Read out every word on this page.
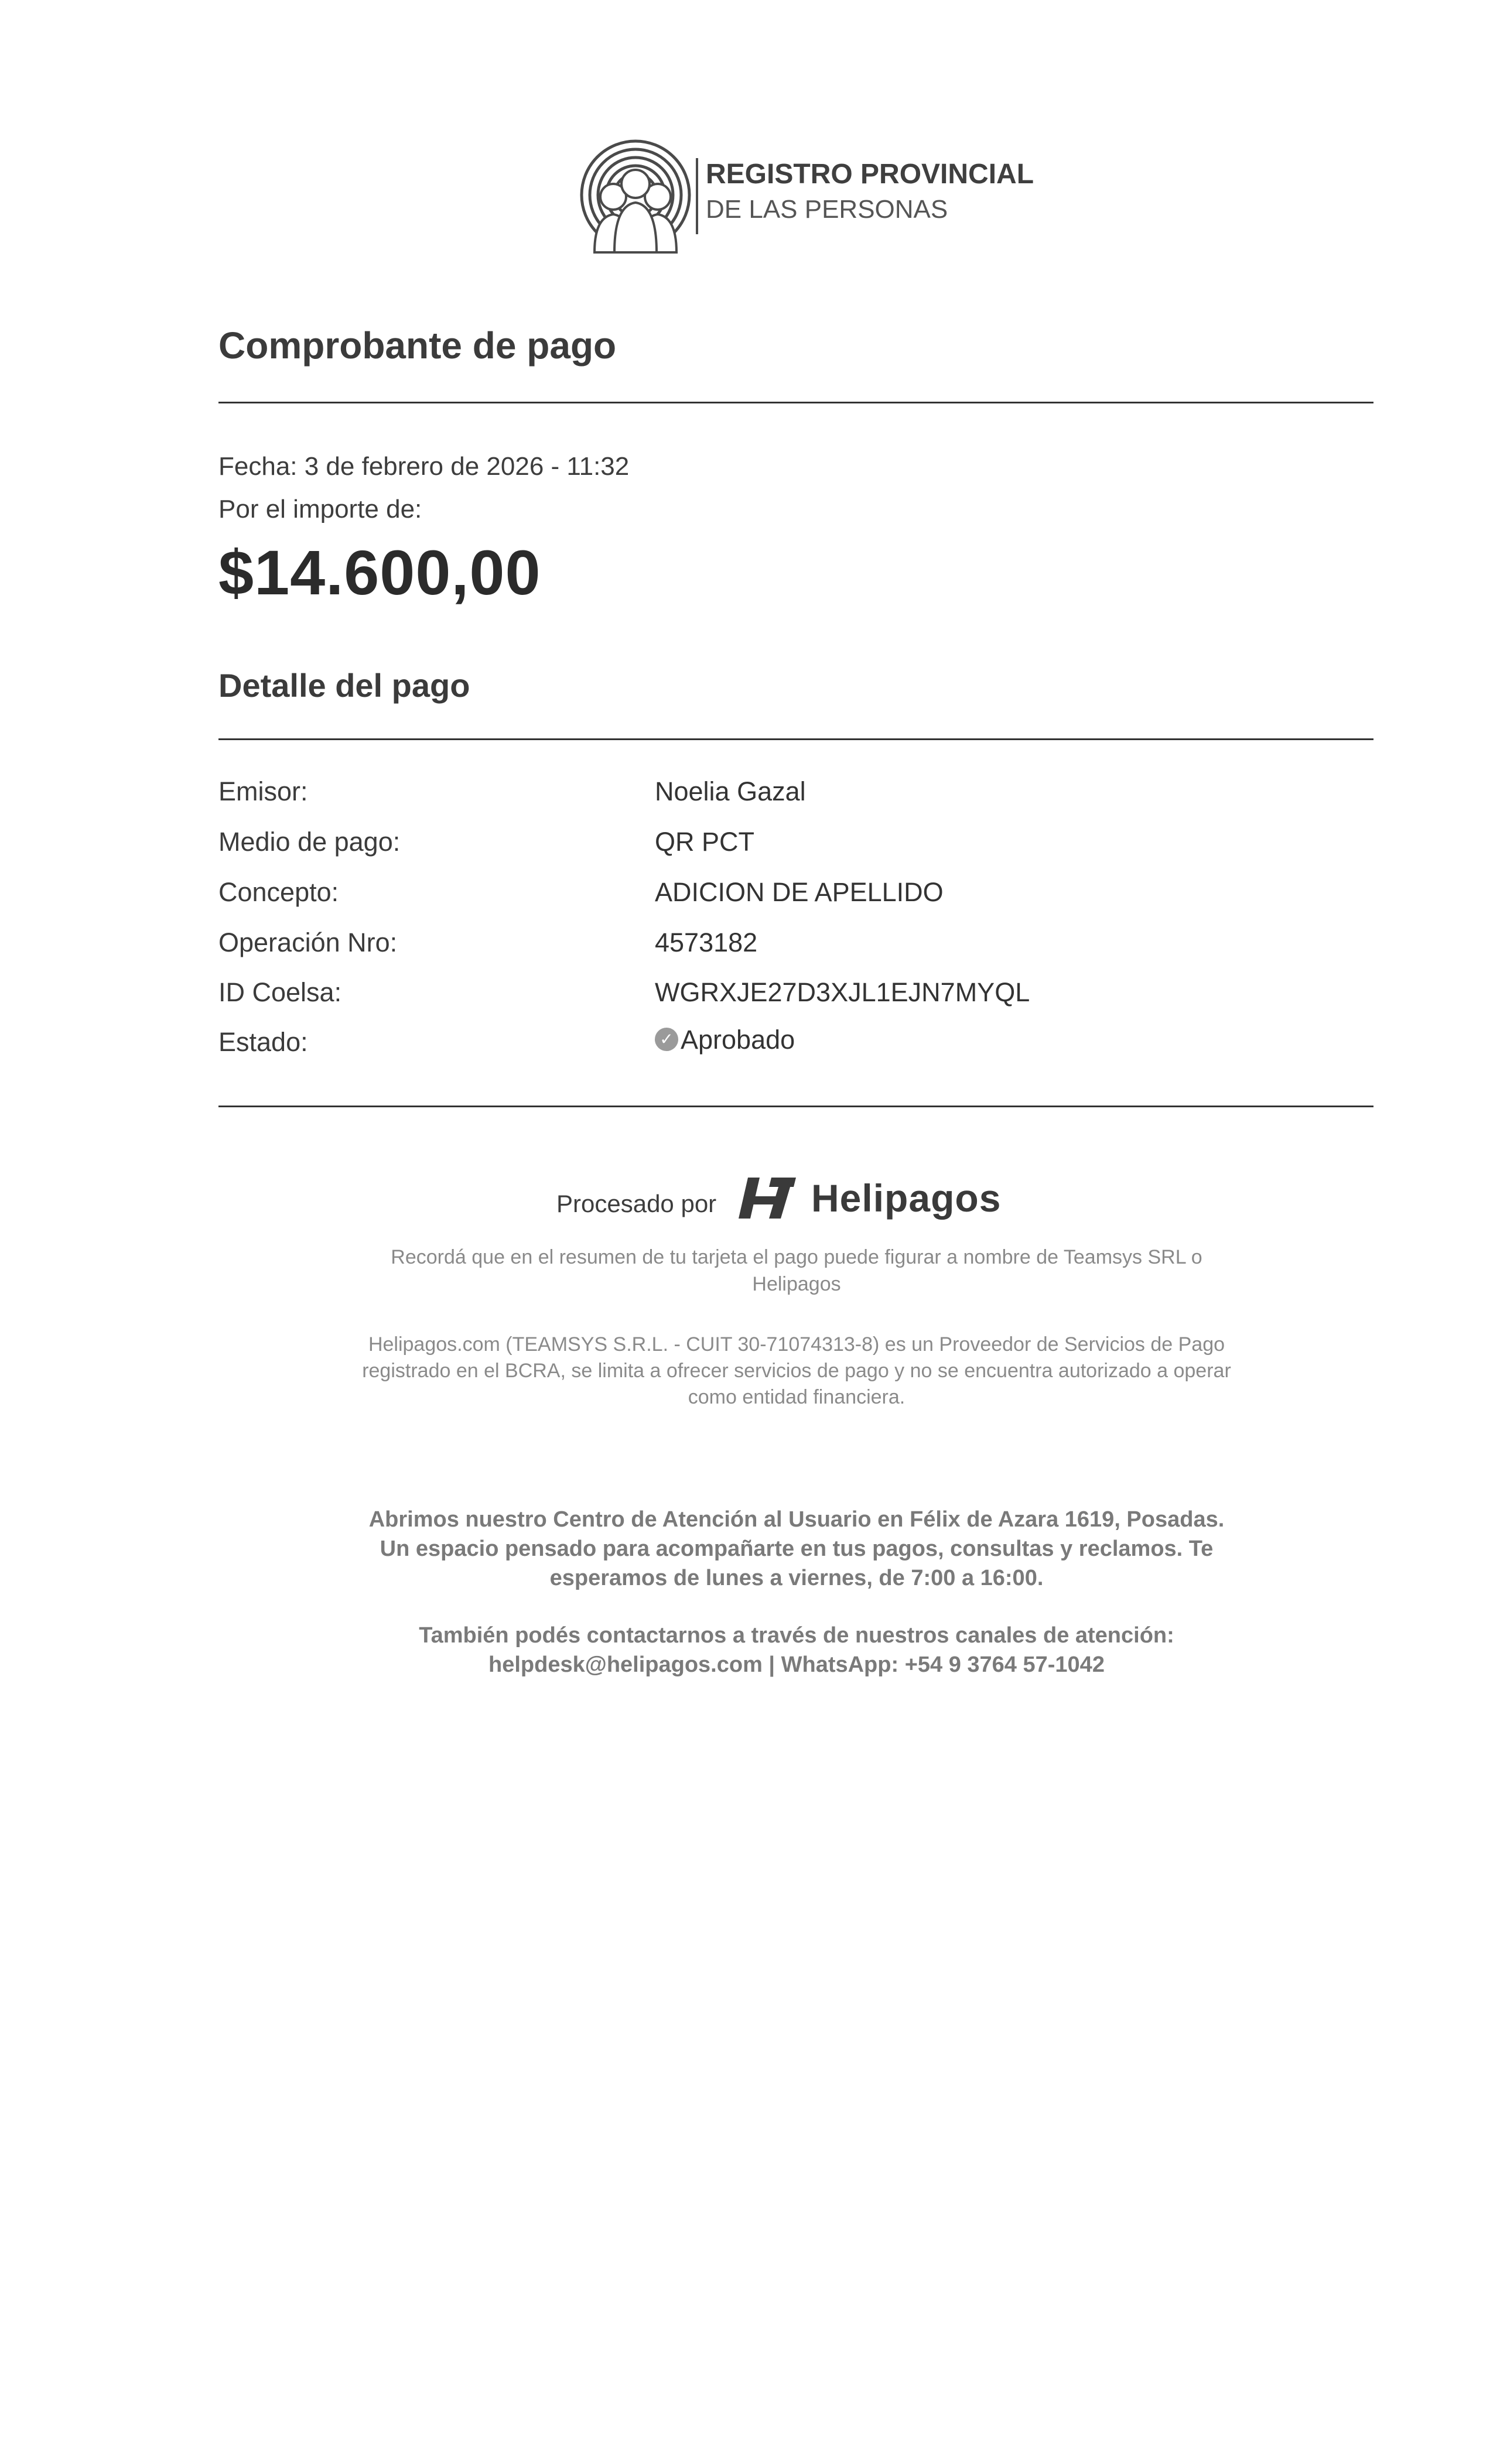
REGISTRO PROVINCIAL
DE LAS PERSONAS
Comprobante de pago
Fecha: 3 de febrero de 2026 - 11:32
Por el importe de:
$14.600,00
Detalle del pago
Emisor:	Noelia Gazal
Medio de pago:	QR PCT
Concepto:	ADICION DE APELLIDO
Operación Nro:	4573182
ID Coelsa:	WGRXJE27D3XJL1EJN7MYQL
Estado:	✓ Aprobado
Procesado por Helipagos
Recordá que en el resumen de tu tarjeta el pago puede figurar a nombre de Teamsys SRL o
Helipagos
Helipagos.com (TEAMSYS S.R.L. - CUIT 30-71074313-8) es un Proveedor de Servicios de Pago
registrado en el BCRA, se limita a ofrecer servicios de pago y no se encuentra autorizado a operar
como entidad financiera.
Abrimos nuestro Centro de Atención al Usuario en Félix de Azara 1619, Posadas.
Un espacio pensado para acompañarte en tus pagos, consultas y reclamos. Te
esperamos de lunes a viernes, de 7:00 a 16:00.
También podés contactarnos a través de nuestros canales de atención:
helpdesk@helipagos.com | WhatsApp: +54 9 3764 57-1042
